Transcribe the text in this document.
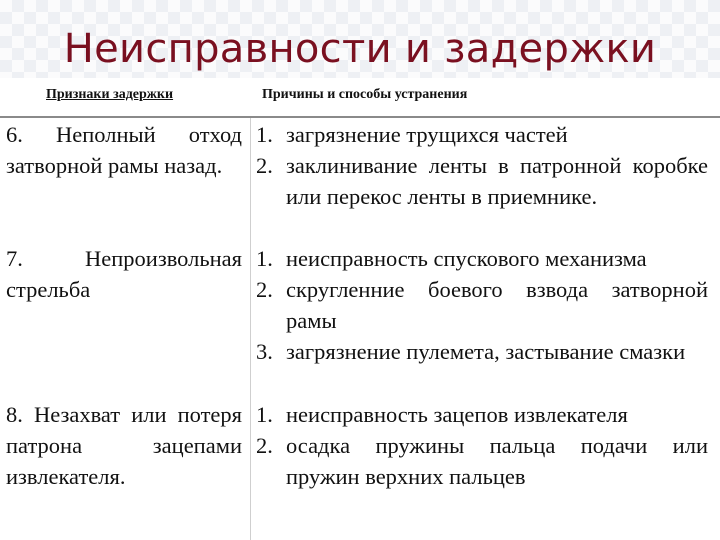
Неисправности и задержки
Признаки задержки	Причины и способы устранения
6. Неполный отход затворной рамы назад.
1. загрязнение трущихся частей
2. заклинивание ленты в патронной коробке или перекос ленты в приемнике.
7. Непроизвольная стрельба
1. неисправность спускового механизма
2. скругленние боевого взвода затворной рамы
3. загрязнение пулемета, застывание смазки
8. Незахват или потеря патрона зацепами извлекателя.
1. неисправность зацепов извлекателя
2. осадка пружины пальца подачи или пружин верхних пальцев
